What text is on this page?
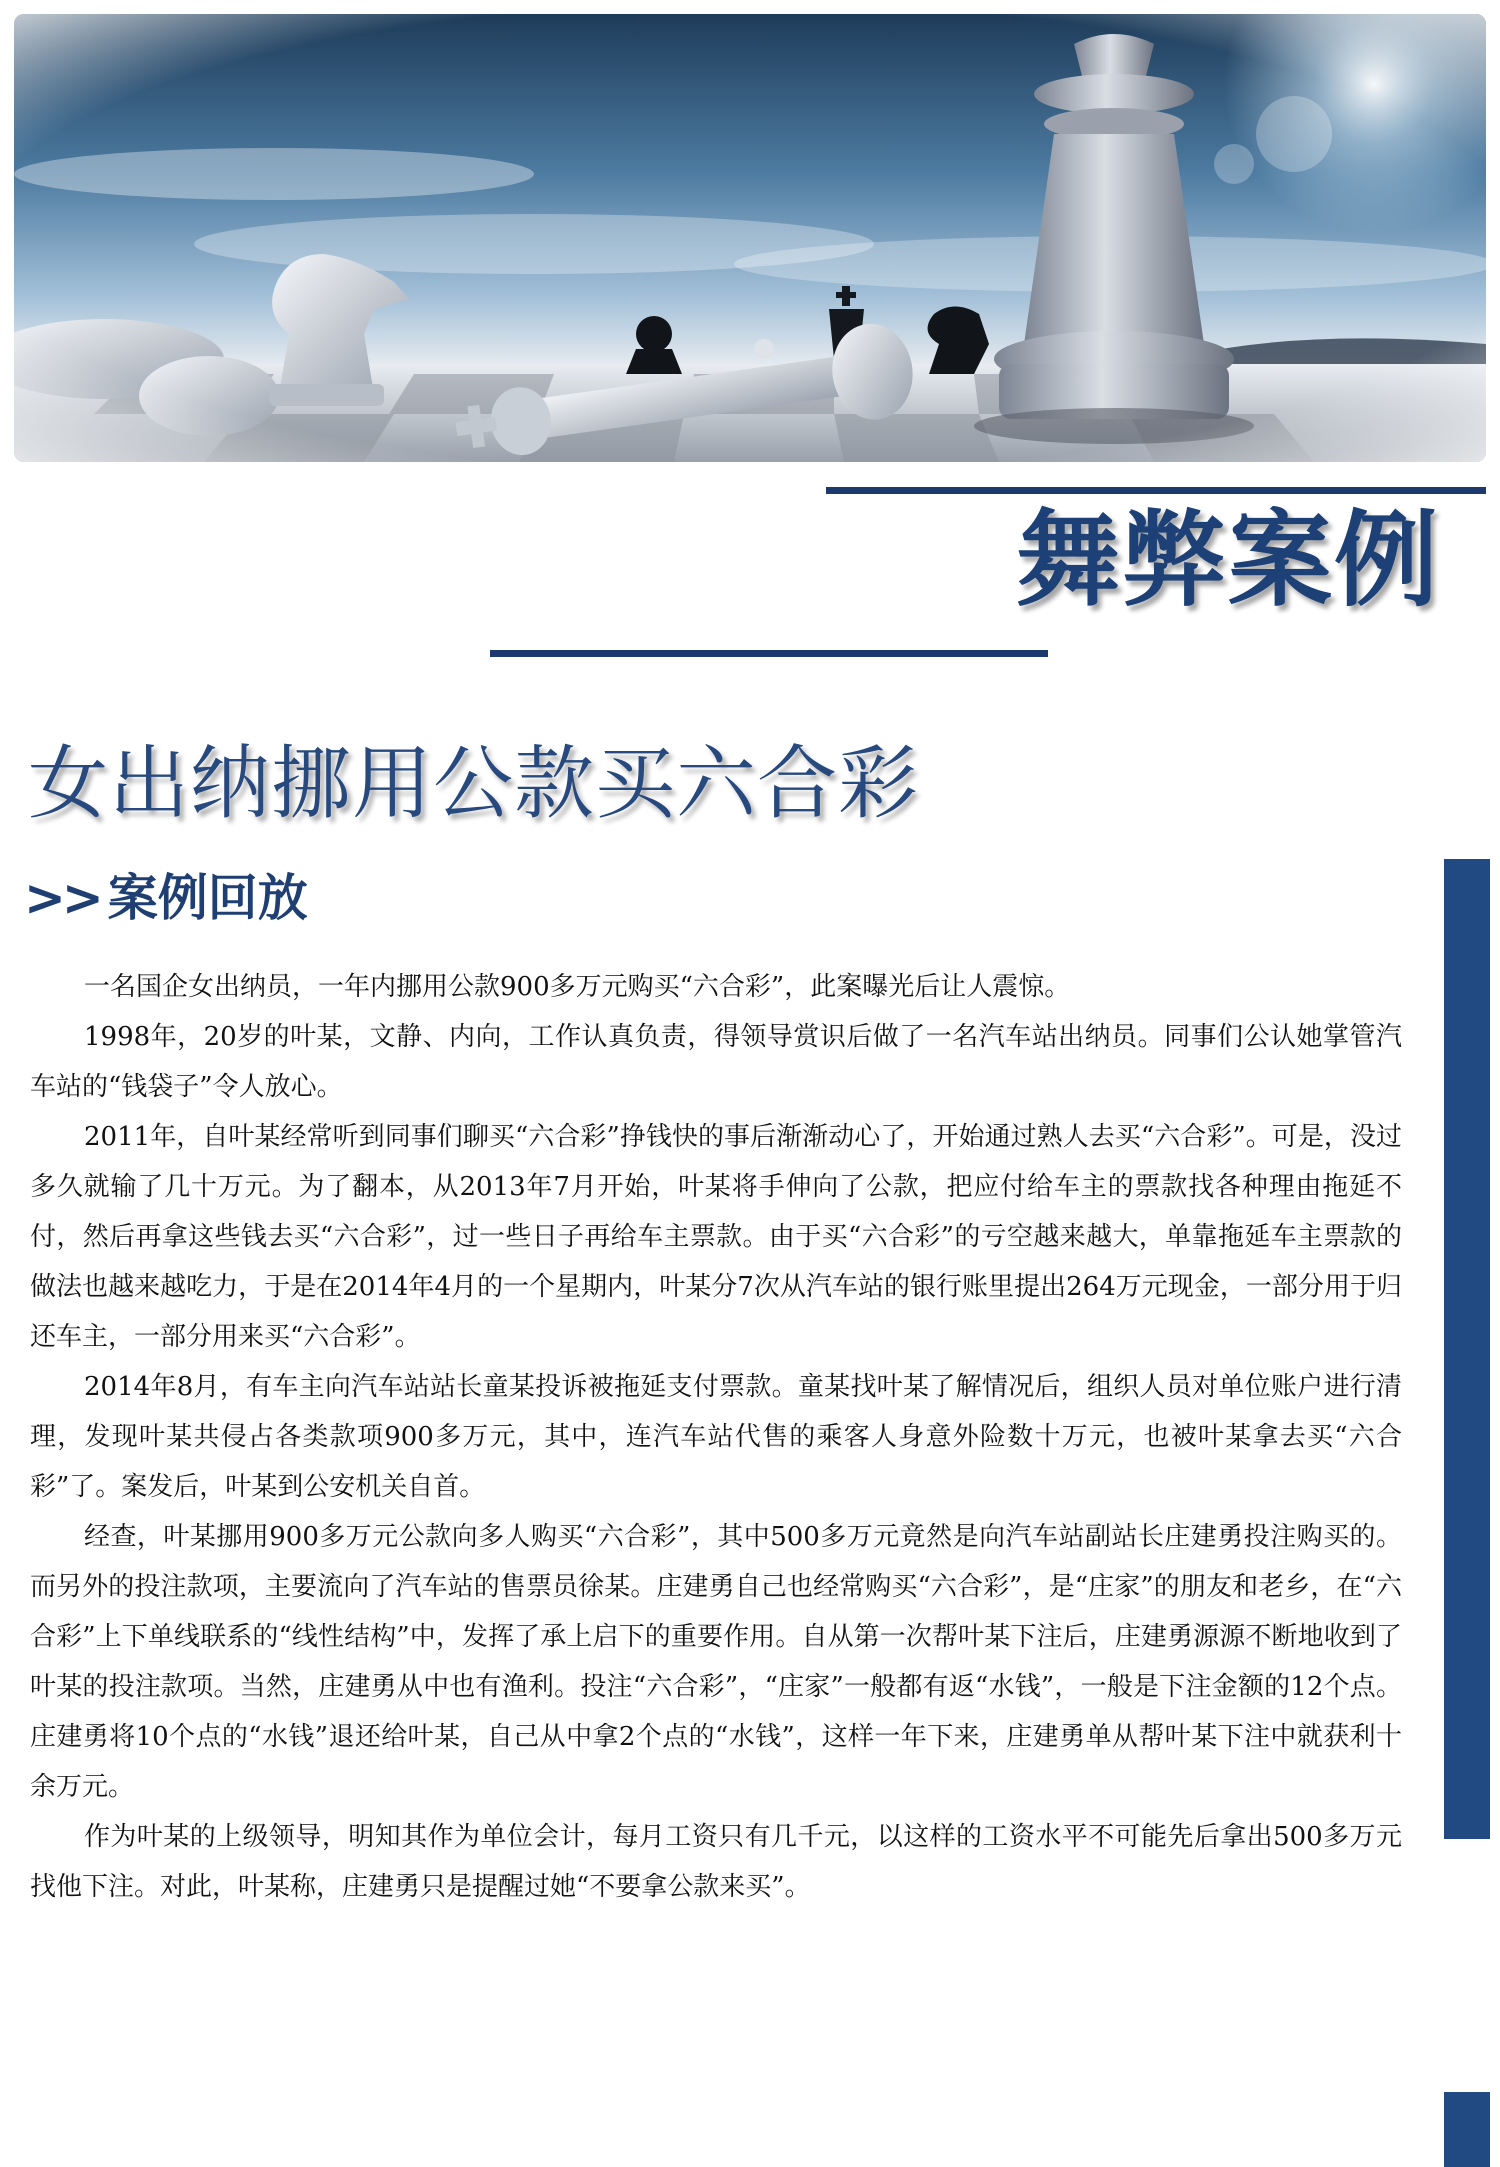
舞弊案例
女出纳挪用公款买六合彩
>> 案例回放

一名国企女出纳员，一年内挪用公款900多万元购买“六合彩”，此案曝光后让人震惊。

1998年，20岁的叶某，文静、内向，工作认真负责，得领导赏识后做了一名汽车站出纳员。同事们公认她掌管汽车站的“钱袋子”令人放心。

2011年，自叶某经常听到同事们聊买“六合彩”挣钱快的事后渐渐动心了，开始通过熟人去买“六合彩”。可是，没过多久就输了几十万元。为了翻本，从2013年7月开始，叶某将手伸向了公款，把应付给车主的票款找各种理由拖延不付，然后再拿这些钱去买“六合彩”，过一些日子再给车主票款。由于买“六合彩”的亏空越来越大，单靠拖延车主票款的做法也越来越吃力，于是在2014年4月的一个星期内，叶某分7次从汽车站的银行账里提出264万元现金，一部分用于归还车主，一部分用来买“六合彩”。

2014年8月，有车主向汽车站站长童某投诉被拖延支付票款。童某找叶某了解情况后，组织人员对单位账户进行清理，发现叶某共侵占各类款项900多万元，其中，连汽车站代售的乘客人身意外险数十万元，也被叶某拿去买“六合彩”了。案发后，叶某到公安机关自首。

经查，叶某挪用900多万元公款向多人购买“六合彩”，其中500多万元竟然是向汽车站副站长庄建勇投注购买的。而另外的投注款项，主要流向了汽车站的售票员徐某。庄建勇自己也经常购买“六合彩”，是“庄家”的朋友和老乡，在“六合彩”上下单线联系的“线性结构”中，发挥了承上启下的重要作用。自从第一次帮叶某下注后，庄建勇源源不断地收到了叶某的投注款项。当然，庄建勇从中也有渔利。投注“六合彩”，“庄家”一般都有返“水钱”，一般是下注金额的12个点。庄建勇将10个点的“水钱”退还给叶某，自己从中拿2个点的“水钱”，这样一年下来，庄建勇单从帮叶某下注中就获利十余万元。

作为叶某的上级领导，明知其作为单位会计，每月工资只有几千元，以这样的工资水平不可能先后拿出500多万元找他下注。对此，叶某称，庄建勇只是提醒过她“不要拿公款来买”。
